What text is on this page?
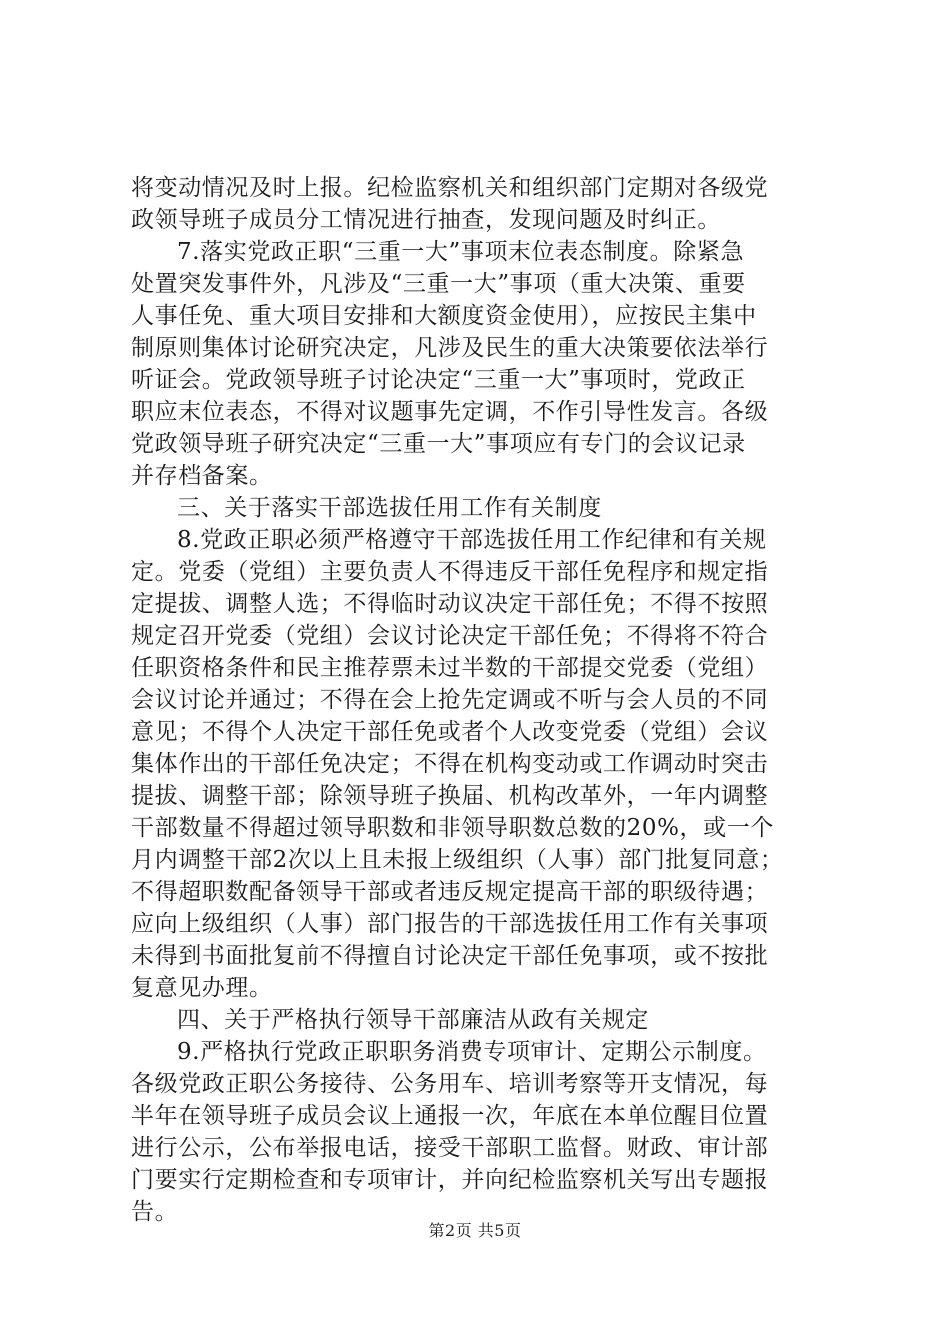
将变动情况及时上报。纪检监察机关和组织部门定期对各级党
政领导班子成员分工情况进行抽查，发现问题及时纠正。
7.落实党政正职“三重一大”事项末位表态制度。除紧急
处置突发事件外，凡涉及“三重一大”事项（重大决策、重要
人事任免、重大项目安排和大额度资金使用），应按民主集中
制原则集体讨论研究决定，凡涉及民生的重大决策要依法举行
听证会。党政领导班子讨论决定“三重一大”事项时，党政正
职应末位表态，不得对议题事先定调，不作引导性发言。各级
党政领导班子研究决定“三重一大”事项应有专门的会议记录
并存档备案。
三、关于落实干部选拔任用工作有关制度
8.党政正职必须严格遵守干部选拔任用工作纪律和有关规
定。党委（党组）主要负责人不得违反干部任免程序和规定指
定提拔、调整人选；不得临时动议决定干部任免；不得不按照
规定召开党委（党组）会议讨论决定干部任免；不得将不符合
任职资格条件和民主推荐票未过半数的干部提交党委（党组）
会议讨论并通过；不得在会上抢先定调或不听与会人员的不同
意见；不得个人决定干部任免或者个人改变党委（党组）会议
集体作出的干部任免决定；不得在机构变动或工作调动时突击
提拔、调整干部；除领导班子换届、机构改革外，一年内调整
干部数量不得超过领导职数和非领导职数总数的20%，或一个
月内调整干部2次以上且未报上级组织（人事）部门批复同意；
不得超职数配备领导干部或者违反规定提高干部的职级待遇；
应向上级组织（人事）部门报告的干部选拔任用工作有关事项
未得到书面批复前不得擅自讨论决定干部任免事项，或不按批
复意见办理。
四、关于严格执行领导干部廉洁从政有关规定
9.严格执行党政正职职务消费专项审计、定期公示制度。
各级党政正职公务接待、公务用车、培训考察等开支情况，每
半年在领导班子成员会议上通报一次，年底在本单位醒目位置
进行公示，公布举报电话，接受干部职工监督。财政、审计部
门要实行定期检查和专项审计，并向纪检监察机关写出专题报
告。
第2页 共5页
